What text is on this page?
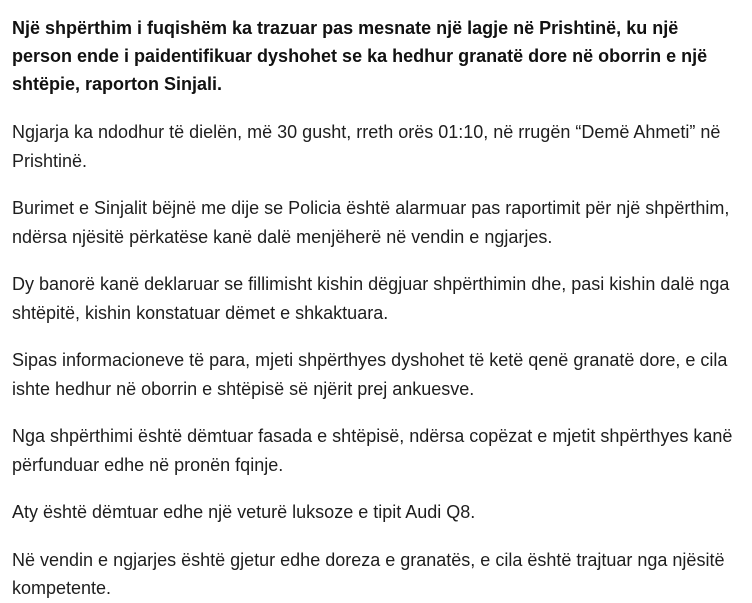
Një shpërthim i fuqishëm ka trazuar pas mesnate një lagje në Prishtinë, ku një person ende i paidentifikuar dyshohet se ka hedhur granatë dore në oborrin e një shtëpie, raporton Sinjali.

Ngjarja ka ndodhur të dielën, më 30 gusht, rreth orës 01:10, në rrugën “Demë Ahmeti” në Prishtinë.

Burimet e Sinjalit bëjnë me dije se Policia është alarmuar pas raportimit për një shpërthim, ndërsa njësitë përkatëse kanë dalë menjëherë në vendin e ngjarjes.

Dy banorë kanë deklaruar se fillimisht kishin dëgjuar shpërthimin dhe, pasi kishin dalë nga shtëpitë, kishin konstatuar dëmet e shkaktuara.

Sipas informacioneve të para, mjeti shpërthyes dyshohet të ketë qenë granatë dore, e cila ishte hedhur në oborrin e shtëpisë së njërit prej ankuesve.

Nga shpërthimi është dëmtuar fasada e shtëpisë, ndërsa copëzat e mjetit shpërthyes kanë përfunduar edhe në pronën fqinje.

Aty është dëmtuar edhe një veturë luksoze e tipit Audi Q8.

Në vendin e ngjarjes është gjetur edhe doreza e granatës, e cila është trajtuar nga njësitë kompetente.
